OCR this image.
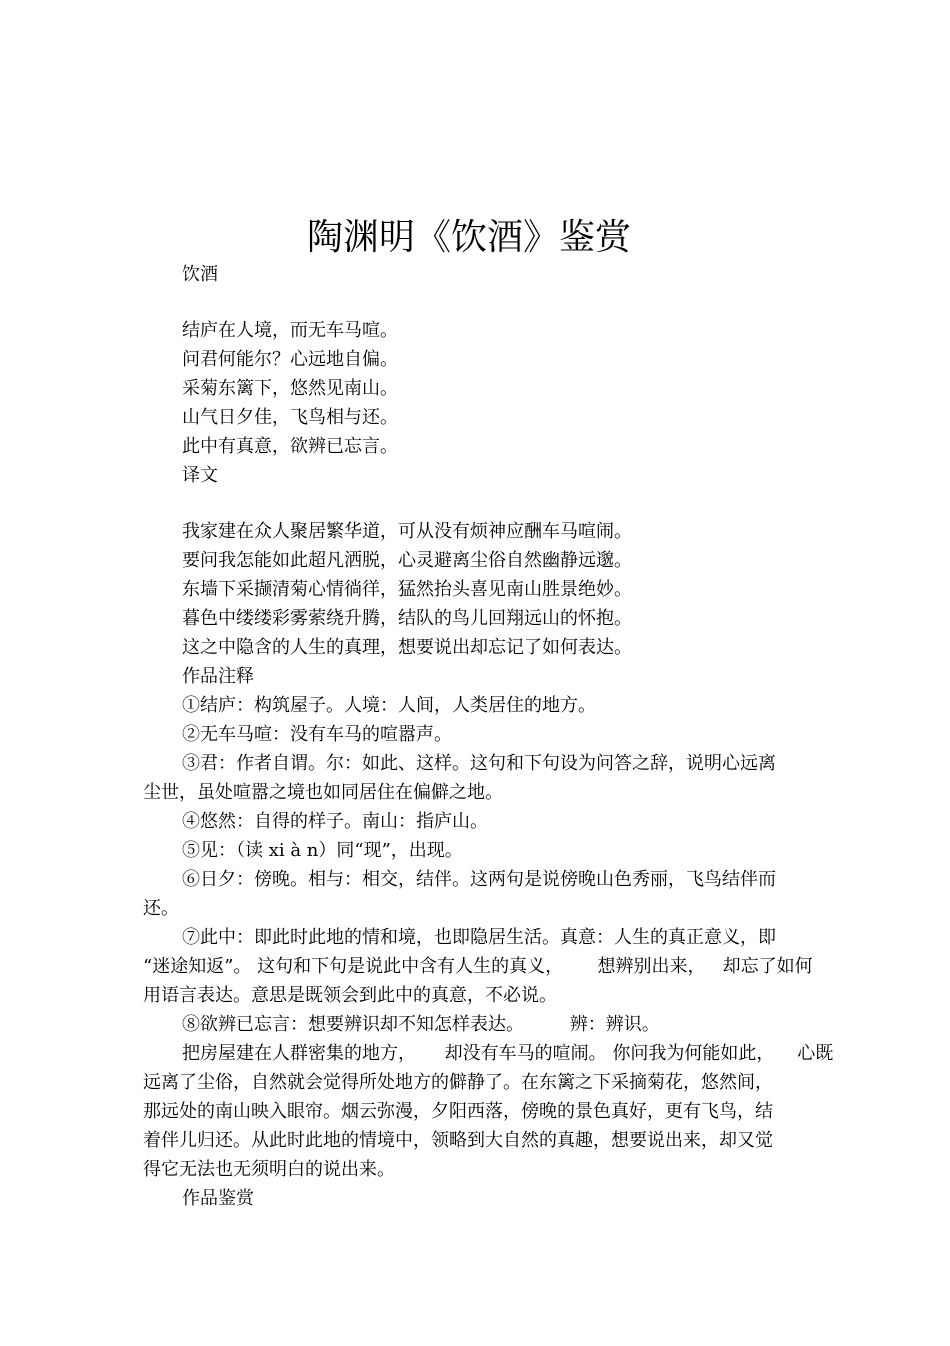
陶渊明《饮酒》鉴赏
饮酒
结庐在人境，而无车马喧。
问君何能尔？心远地自偏。
采菊东篱下，悠然见南山。
山气日夕佳，飞鸟相与还。
此中有真意，欲辨已忘言。
译文
我家建在众人聚居繁华道，可从没有烦神应酬车马喧闹。
要问我怎能如此超凡洒脱，心灵避离尘俗自然幽静远邈。
东墙下采撷清菊心情徜徉，猛然抬头喜见南山胜景绝妙。
暮色中缕缕彩雾萦绕升腾，结队的鸟儿回翔远山的怀抱。
这之中隐含的人生的真理，想要说出却忘记了如何表达。
作品注释
①结庐：构筑屋子。人境：人间，人类居住的地方。
②无车马喧：没有车马的喧嚣声。
③君：作者自谓。尔：如此、这样。这句和下句设为问答之辞，说明心远离
尘世，虽处喧嚣之境也如同居住在偏僻之地。
④悠然：自得的样子。南山：指庐山。
⑤见：（读 xi à n）同“现”，出现。
⑥日夕：傍晚。相与：相交，结伴。这两句是说傍晚山色秀丽，飞鸟结伴而
还。
⑦此中：即此时此地的情和境，也即隐居生活。真意：人生的真正意义，即
“迷途知返”。 这句和下句是说此中含有人生的真义，      想辨别出来，   却忘了如何
用语言表达。意思是既领会到此中的真意，不必说。
⑧欲辨已忘言：想要辨识却不知怎样表达。        辨：辨识。
把房屋建在人群密集的地方，     却没有车马的喧闹。 你问我为何能如此，    心既
远离了尘俗，自然就会觉得所处地方的僻静了。在东篱之下采摘菊花，悠然间，
那远处的南山映入眼帘。烟云弥漫，夕阳西落，傍晚的景色真好，更有飞鸟，结
着伴儿归还。从此时此地的情境中，领略到大自然的真趣，想要说出来，却又觉
得它无法也无须明白的说出来。
作品鉴赏
